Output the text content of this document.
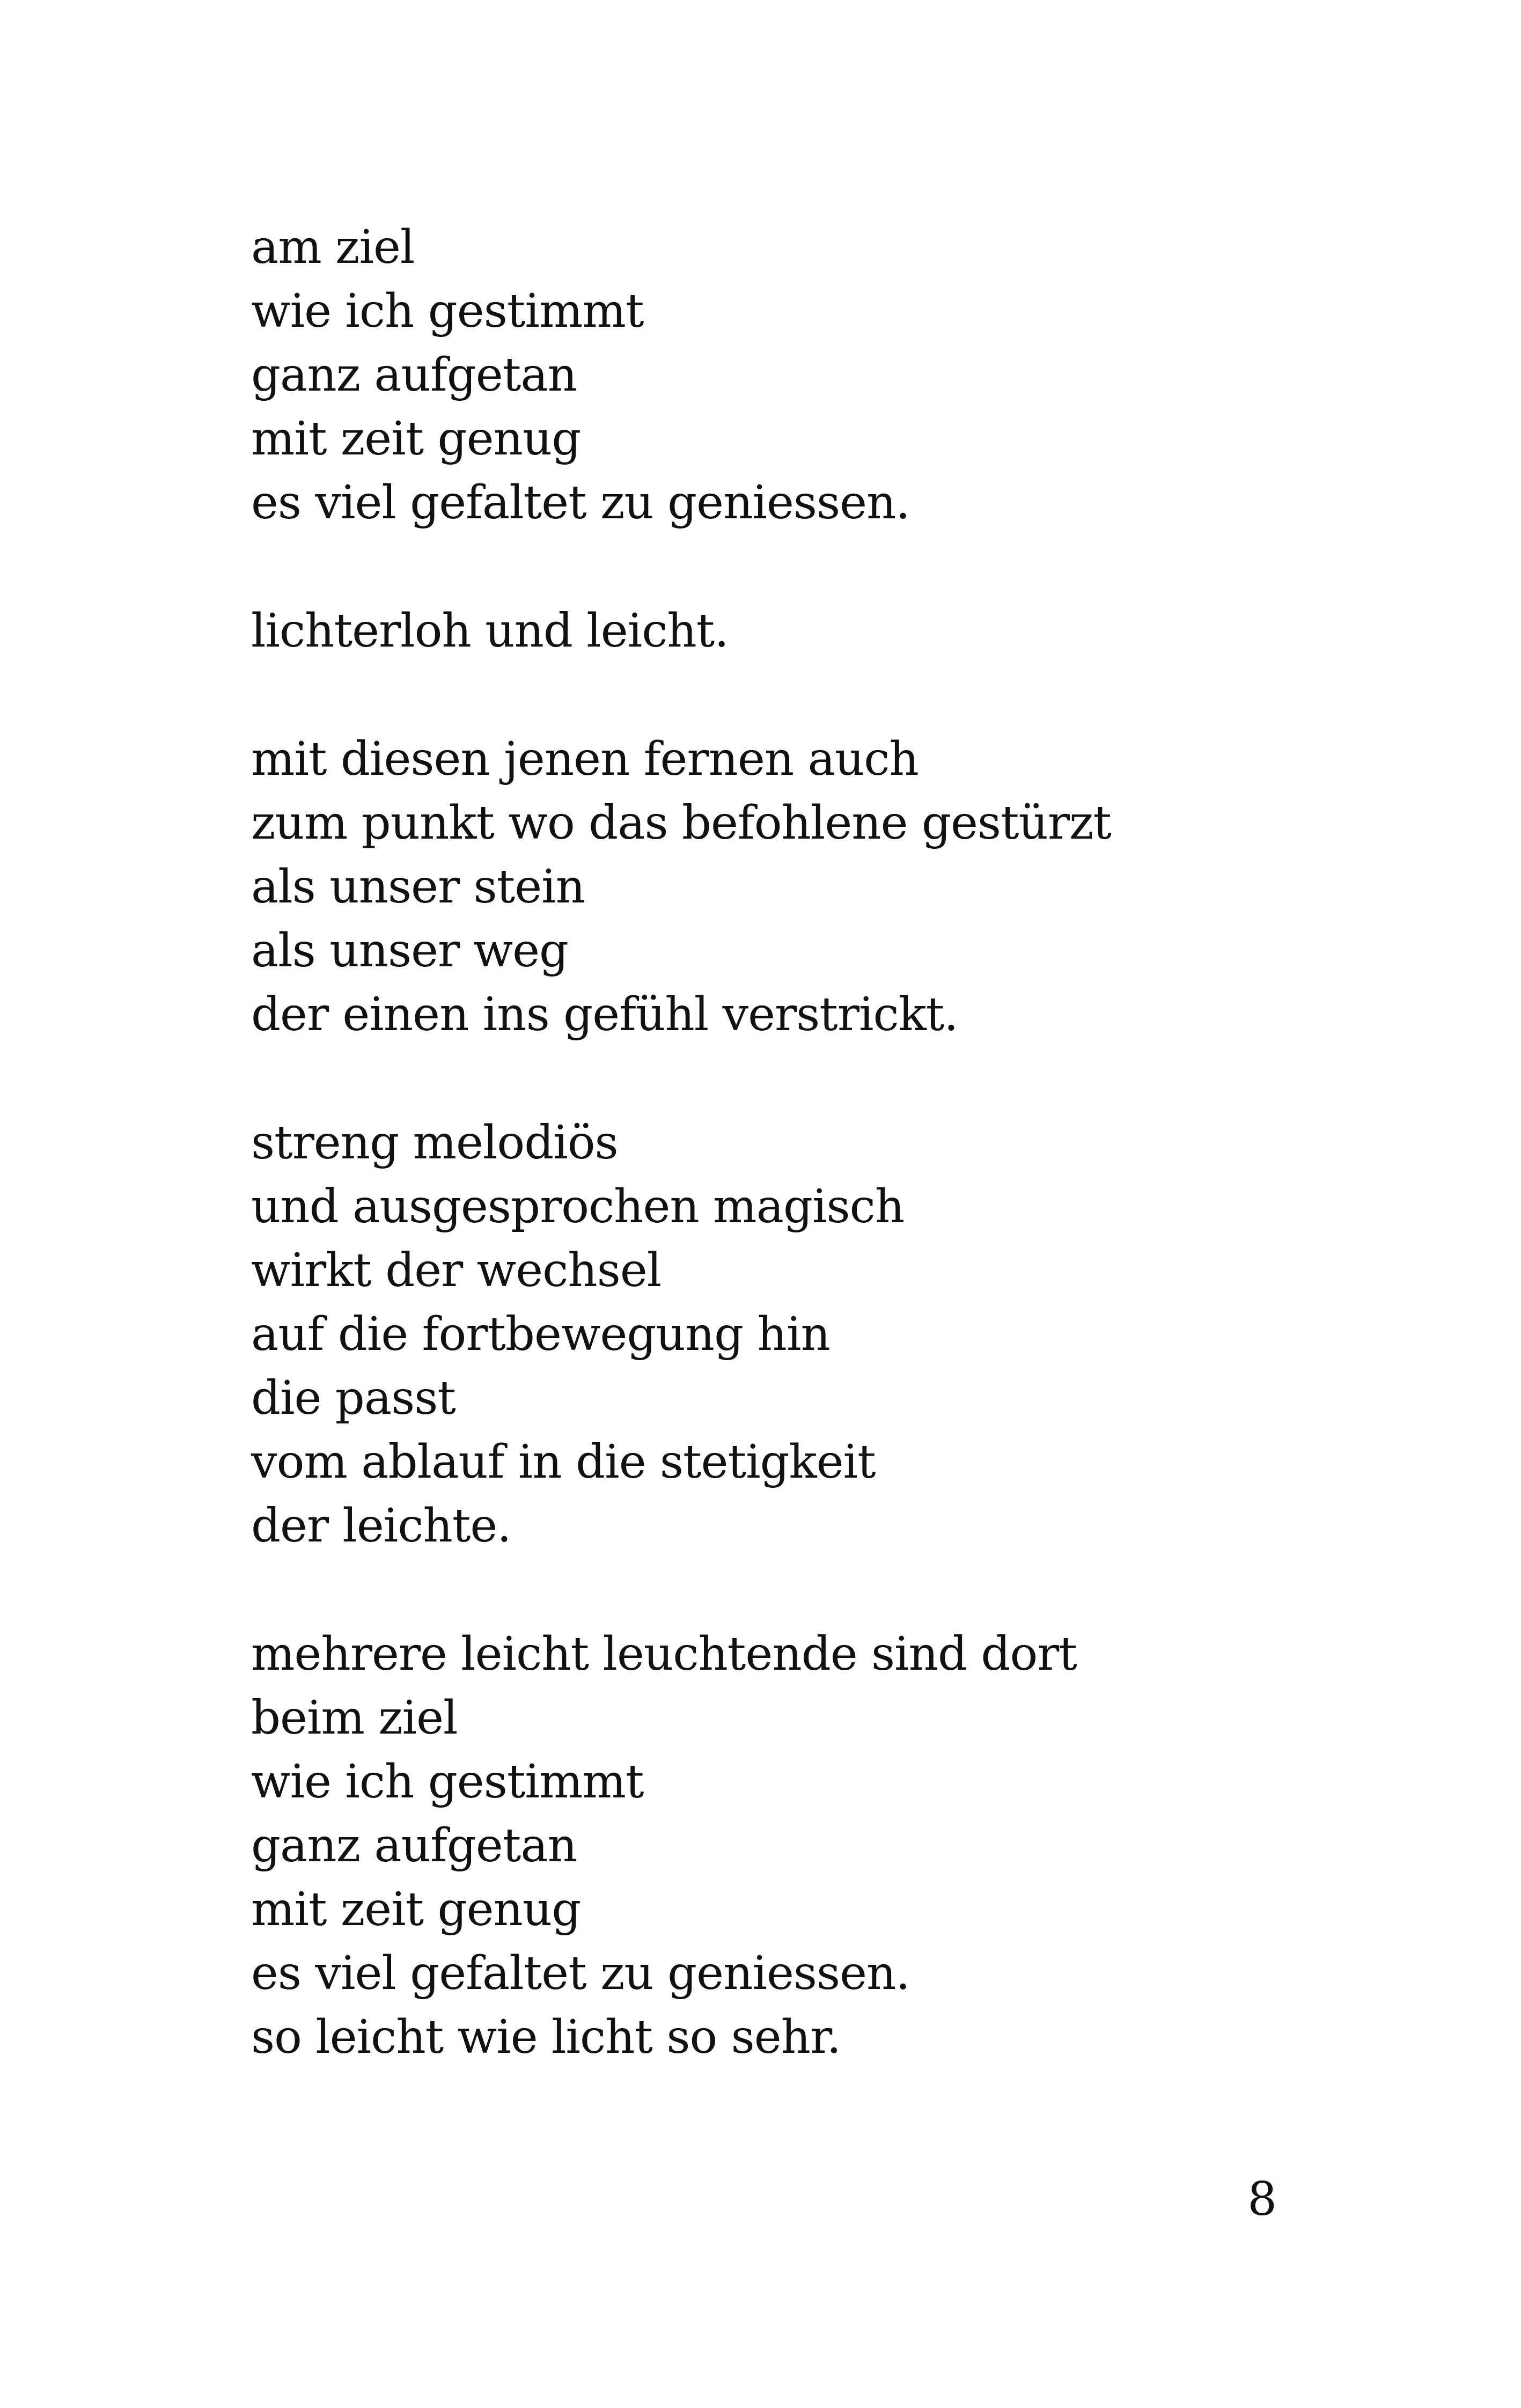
am ziel
wie ich gestimmt
ganz aufgetan
mit zeit genug
es viel gefaltet zu geniessen.
lichterloh und leicht.
mit diesen jenen fernen auch
zum punkt wo das befohlene gestürzt
als unser stein
als unser weg
der einen ins gefühl verstrickt.
streng melodiös
und ausgesprochen magisch
wirkt der wechsel
auf die fortbewegung hin
die passt
vom ablauf in die stetigkeit
der leichte.
mehrere leicht leuchtende sind dort
beim ziel
wie ich gestimmt
ganz aufgetan
mit zeit genug
es viel gefaltet zu geniessen.
so leicht wie licht so sehr.
8
